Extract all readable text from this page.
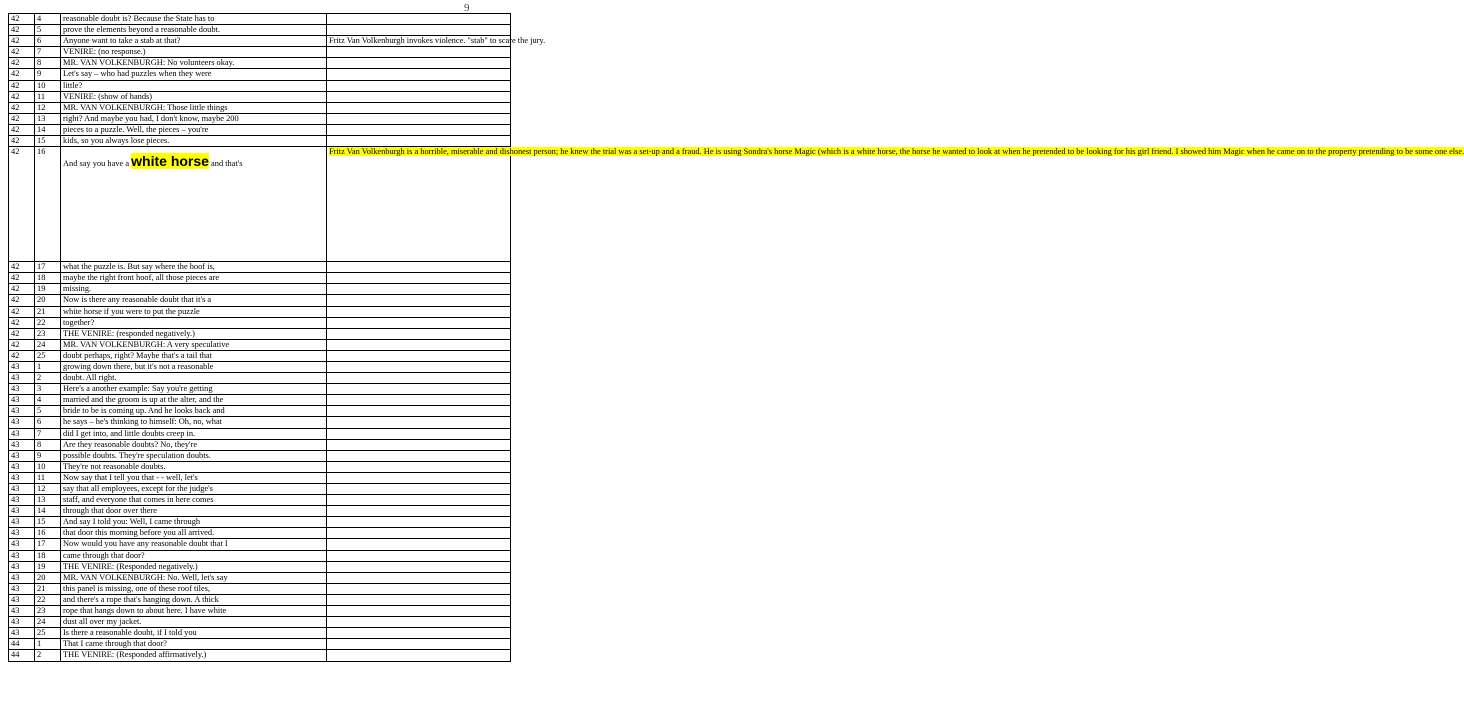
9
42	4	reasonable doubt is? Because the State has to	
42	5	prove the elements beyond a reasonable doubt.	
42	6	Anyone want to take a stab at that?	Fritz Van Volkenburgh invokes violence. "stab" to scare the jury.
42	7	VENIRE: (no response.)	
42	8	MR. VAN VOLKENBURGH: No volunteers okay.	
42	9	Let's say – who had puzzles when they were	
42	10	little?	
42	11	VENIRE: (show of hands)	
42	12	MR. VAN VOLKENBURGH: Those little things	
42	13	right? And maybe you had, I don't know, maybe 200	
42	14	pieces to a puzzle. Well, the pieces – you're	
42	15	kids, so you always lose pieces.	
42	16	And say you have a white horse and that's	Fritz Van Volkenburgh is a horrible, miserable and dishonest person; he knew the trial was a set-up and a fraud. He is using Sondra's horse Magic (which is a white horse, the horse he wanted to look at when he pretended to be looking for his girl friend. I showed him Magic when he came on to the property pretending to be some one else.
42	17	what the puzzle is. But say where the hoof is,	
42	18	maybe the right front hoof, all those pieces are	
42	19	missing.	
42	20	Now is there any reasonable doubt that it's a	
42	21	white horse if you were to put the puzzle	
42	22	together?	
42	23	THE VENIRE: (responded negatively.)	
42	24	MR. VAN VOLKENBURGH: A very speculative	
42	25	doubt perhaps, right? Maybe that's a tail that	
43	1	growing down there, but it's not a reasonable	
43	2	doubt. All right.	
43	3	Here's a another example: Say you're getting	
43	4	married and the groom is up at the alter, and the	
43	5	bride to be is coming up. And he looks back and	
43	6	he says – he's thinking to himself: Oh, no, what	
43	7	did I get into, and little doubts creep in.	
43	8	Are they reasonable doubts? No, they're	
43	9	possible doubts. They're speculation doubts.	
43	10	They're not reasonable doubts.	
43	11	Now say that I tell you that - - well, let's	
43	12	say that all employees, except for the judge's	
43	13	staff, and everyone that comes in here comes	
43	14	through that door over there	
43	15	And say I told you: Well, I came through	
43	16	that door this morning before you all arrived.	
43	17	Now would you have any reasonable doubt that I	
43	18	came through that door?	
43	19	THE VENIRE: (Responded negatively.)	
43	20	MR. VAN VOLKENBURGH: No. Well, let's say	
43	21	this panel is missing, one of these roof tiles,	
43	22	and there's a rope that's hanging down. A thick	
43	23	rope that hangs down to about here. I have white	
43	24	dust all over my jacket.	
43	25	Is there a reasonable doubt, if I told you	
44	1	That I came through that door?	
44	2	THE VENIRE: (Responded affirmatively.)	
